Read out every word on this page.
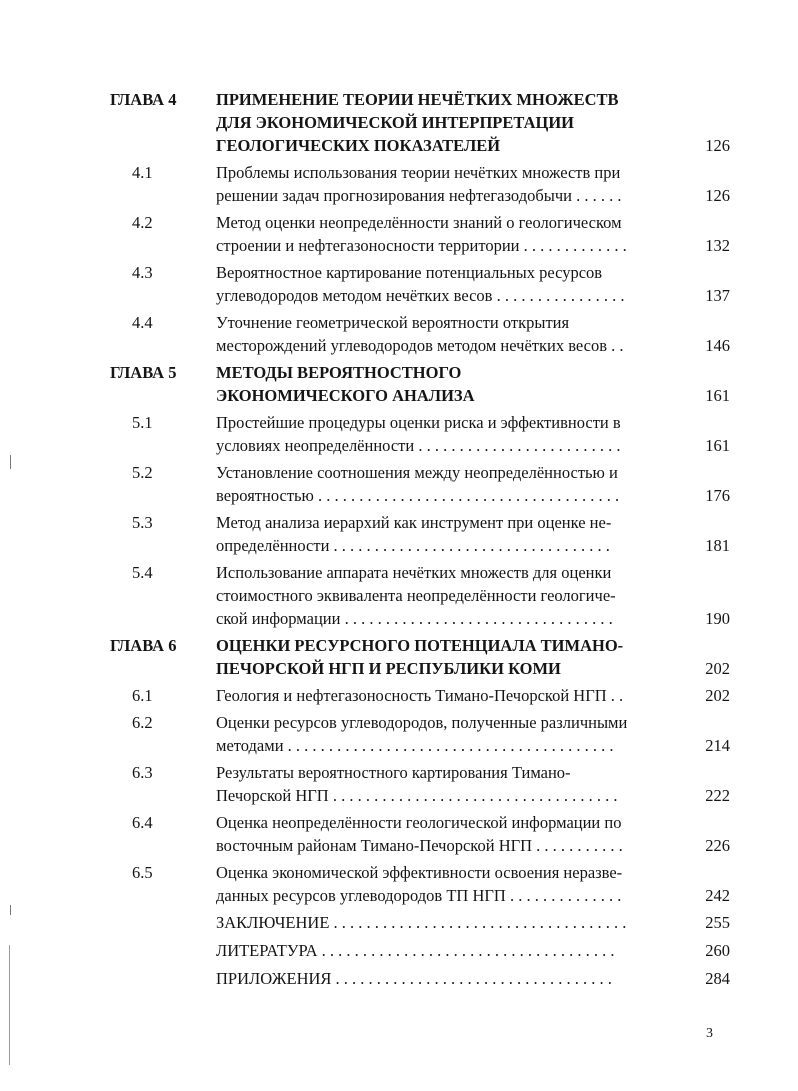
ГЛАВА 4	ПРИМЕНЕНИЕ ТЕОРИИ НЕЧЁТКИХ МНОЖЕСТВ
ДЛЯ ЭКОНОМИЧЕСКОЙ ИНТЕРПРЕТАЦИИ
ГЕОЛОГИЧЕСКИХ ПОКАЗАТЕЛЕЙ	126
4.1	Проблемы использования теории нечётких множеств при
решении задач прогнозирования нефтегазодобычи . . . . . .	126
4.2	Метод оценки неопределённости знаний о геологическом
строении и нефтегазоносности территории . . . . . . . . . . . . .	132
4.3	Вероятностное картирование потенциальных ресурсов
углеводородов методом нечётких весов . . . . . . . . . . . . . . . .	137
4.4	Уточнение геометрической вероятности открытия
месторождений углеводородов методом нечётких весов . .	146
ГЛАВА 5	МЕТОДЫ ВЕРОЯТНОСТНОГО
ЭКОНОМИЧЕСКОГО АНАЛИЗА	161
5.1	Простейшие процедуры оценки риска и эффективности в
условиях неопределённости . . . . . . . . . . . . . . . . . . . . . . . . .	161
5.2	Установление соотношения между неопределённостью и
вероятностью . . . . . . . . . . . . . . . . . . . . . . . . . . . . . . . . . . . . .	176
5.3	Метод анализа иерархий как инструмент при оценке не-
определённости . . . . . . . . . . . . . . . . . . . . . . . . . . . . . . . . . .	181
5.4	Использование аппарата нечётких множеств для оценки
стоимостного эквивалента неопределённости геологиче-
ской информации . . . . . . . . . . . . . . . . . . . . . . . . . . . . . . . . .	190
ГЛАВА 6	ОЦЕНКИ РЕСУРСНОГО ПОТЕНЦИАЛА ТИМАНО-
ПЕЧОРСКОЙ НГП И РЕСПУБЛИКИ КОМИ	202
6.1	Геология и нефтегазоносность Тимано-Печорской НГП . .	202
6.2	Оценки ресурсов углеводородов, полученные различными
методами . . . . . . . . . . . . . . . . . . . . . . . . . . . . . . . . . . . . . . . .	214
6.3	Результаты вероятностного картирования Тимано-
Печорской НГП . . . . . . . . . . . . . . . . . . . . . . . . . . . . . . . . . . .	222
6.4	Оценка неопределённости геологической информации по
восточным районам Тимано-Печорской НГП . . . . . . . . . . .	226
6.5	Оценка экономической эффективности освоения неразве-
данных ресурсов углеводородов ТП НГП . . . . . . . . . . . . . .	242
ЗАКЛЮЧЕНИЕ . . . . . . . . . . . . . . . . . . . . . . . . . . . . . . . . . . . .	255
ЛИТЕРАТУРА . . . . . . . . . . . . . . . . . . . . . . . . . . . . . . . . . . . .	260
ПРИЛОЖЕНИЯ . . . . . . . . . . . . . . . . . . . . . . . . . . . . . . . . . .	284
3
